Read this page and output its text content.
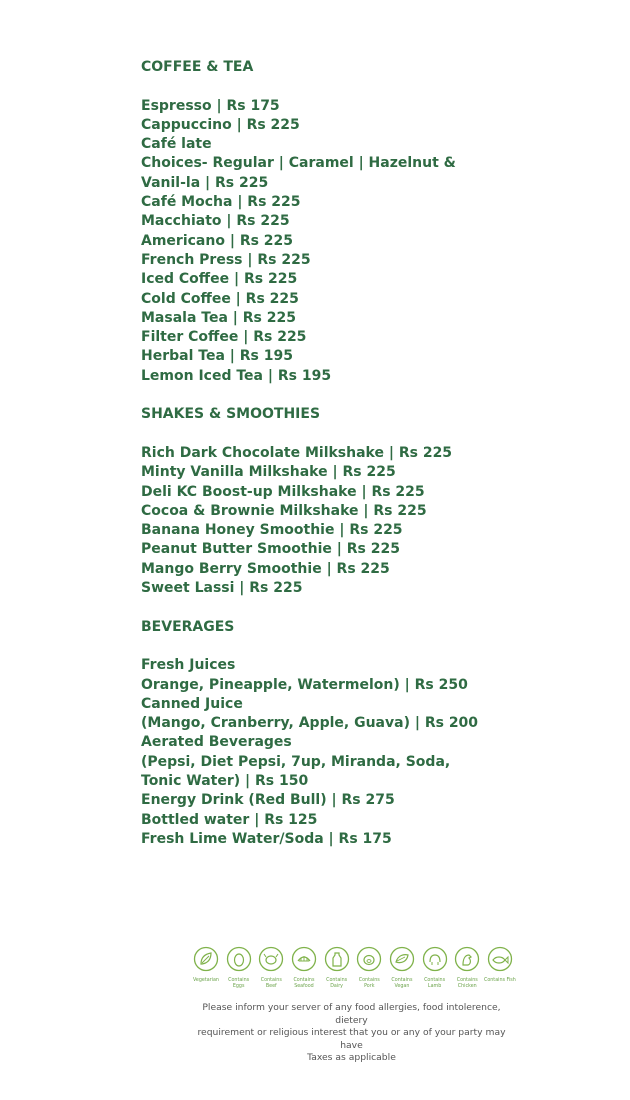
COFFEE & TEA
Espresso | Rs 175
Cappuccino | Rs 225
Café late
Choices- Regular | Caramel | Hazelnut & Vanil-la | Rs 225
Café Mocha | Rs 225
Macchiato | Rs 225
Americano | Rs 225
French Press | Rs 225
Iced Coffee | Rs 225
Cold Coffee | Rs 225
Masala Tea | Rs 225
Filter Coffee | Rs 225
Herbal Tea | Rs 195
Lemon Iced Tea | Rs 195
SHAKES & SMOOTHIES
Rich Dark Chocolate Milkshake | Rs 225
Minty Vanilla Milkshake | Rs 225
Deli KC Boost-up Milkshake | Rs 225
Cocoa & Brownie Milkshake | Rs 225
Banana Honey Smoothie | Rs 225
Peanut Butter Smoothie | Rs 225
Mango Berry Smoothie | Rs 225
Sweet Lassi | Rs 225
BEVERAGES
Fresh Juices
Orange, Pineapple, Watermelon) | Rs 250
Canned Juice
(Mango, Cranberry, Apple, Guava) | Rs 200
Aerated Beverages
(Pepsi, Diet Pepsi, 7up, Miranda, Soda, Tonic Water) | Rs 150
Energy Drink (Red Bull) | Rs 275
Bottled water | Rs 125
Fresh Lime Water/Soda | Rs 175
Vegetarian	Contains Eggs
Contains Beef
Contains Seafood
Contains Dairy
Contains Pork
Contains Vegan
Contains Lamb
Contains Chicken
Contains Fish
Please inform your server of any food allergies, food intolerence, dietery
requirement or religious interest that you or any of your party may have
Taxes as applicable
